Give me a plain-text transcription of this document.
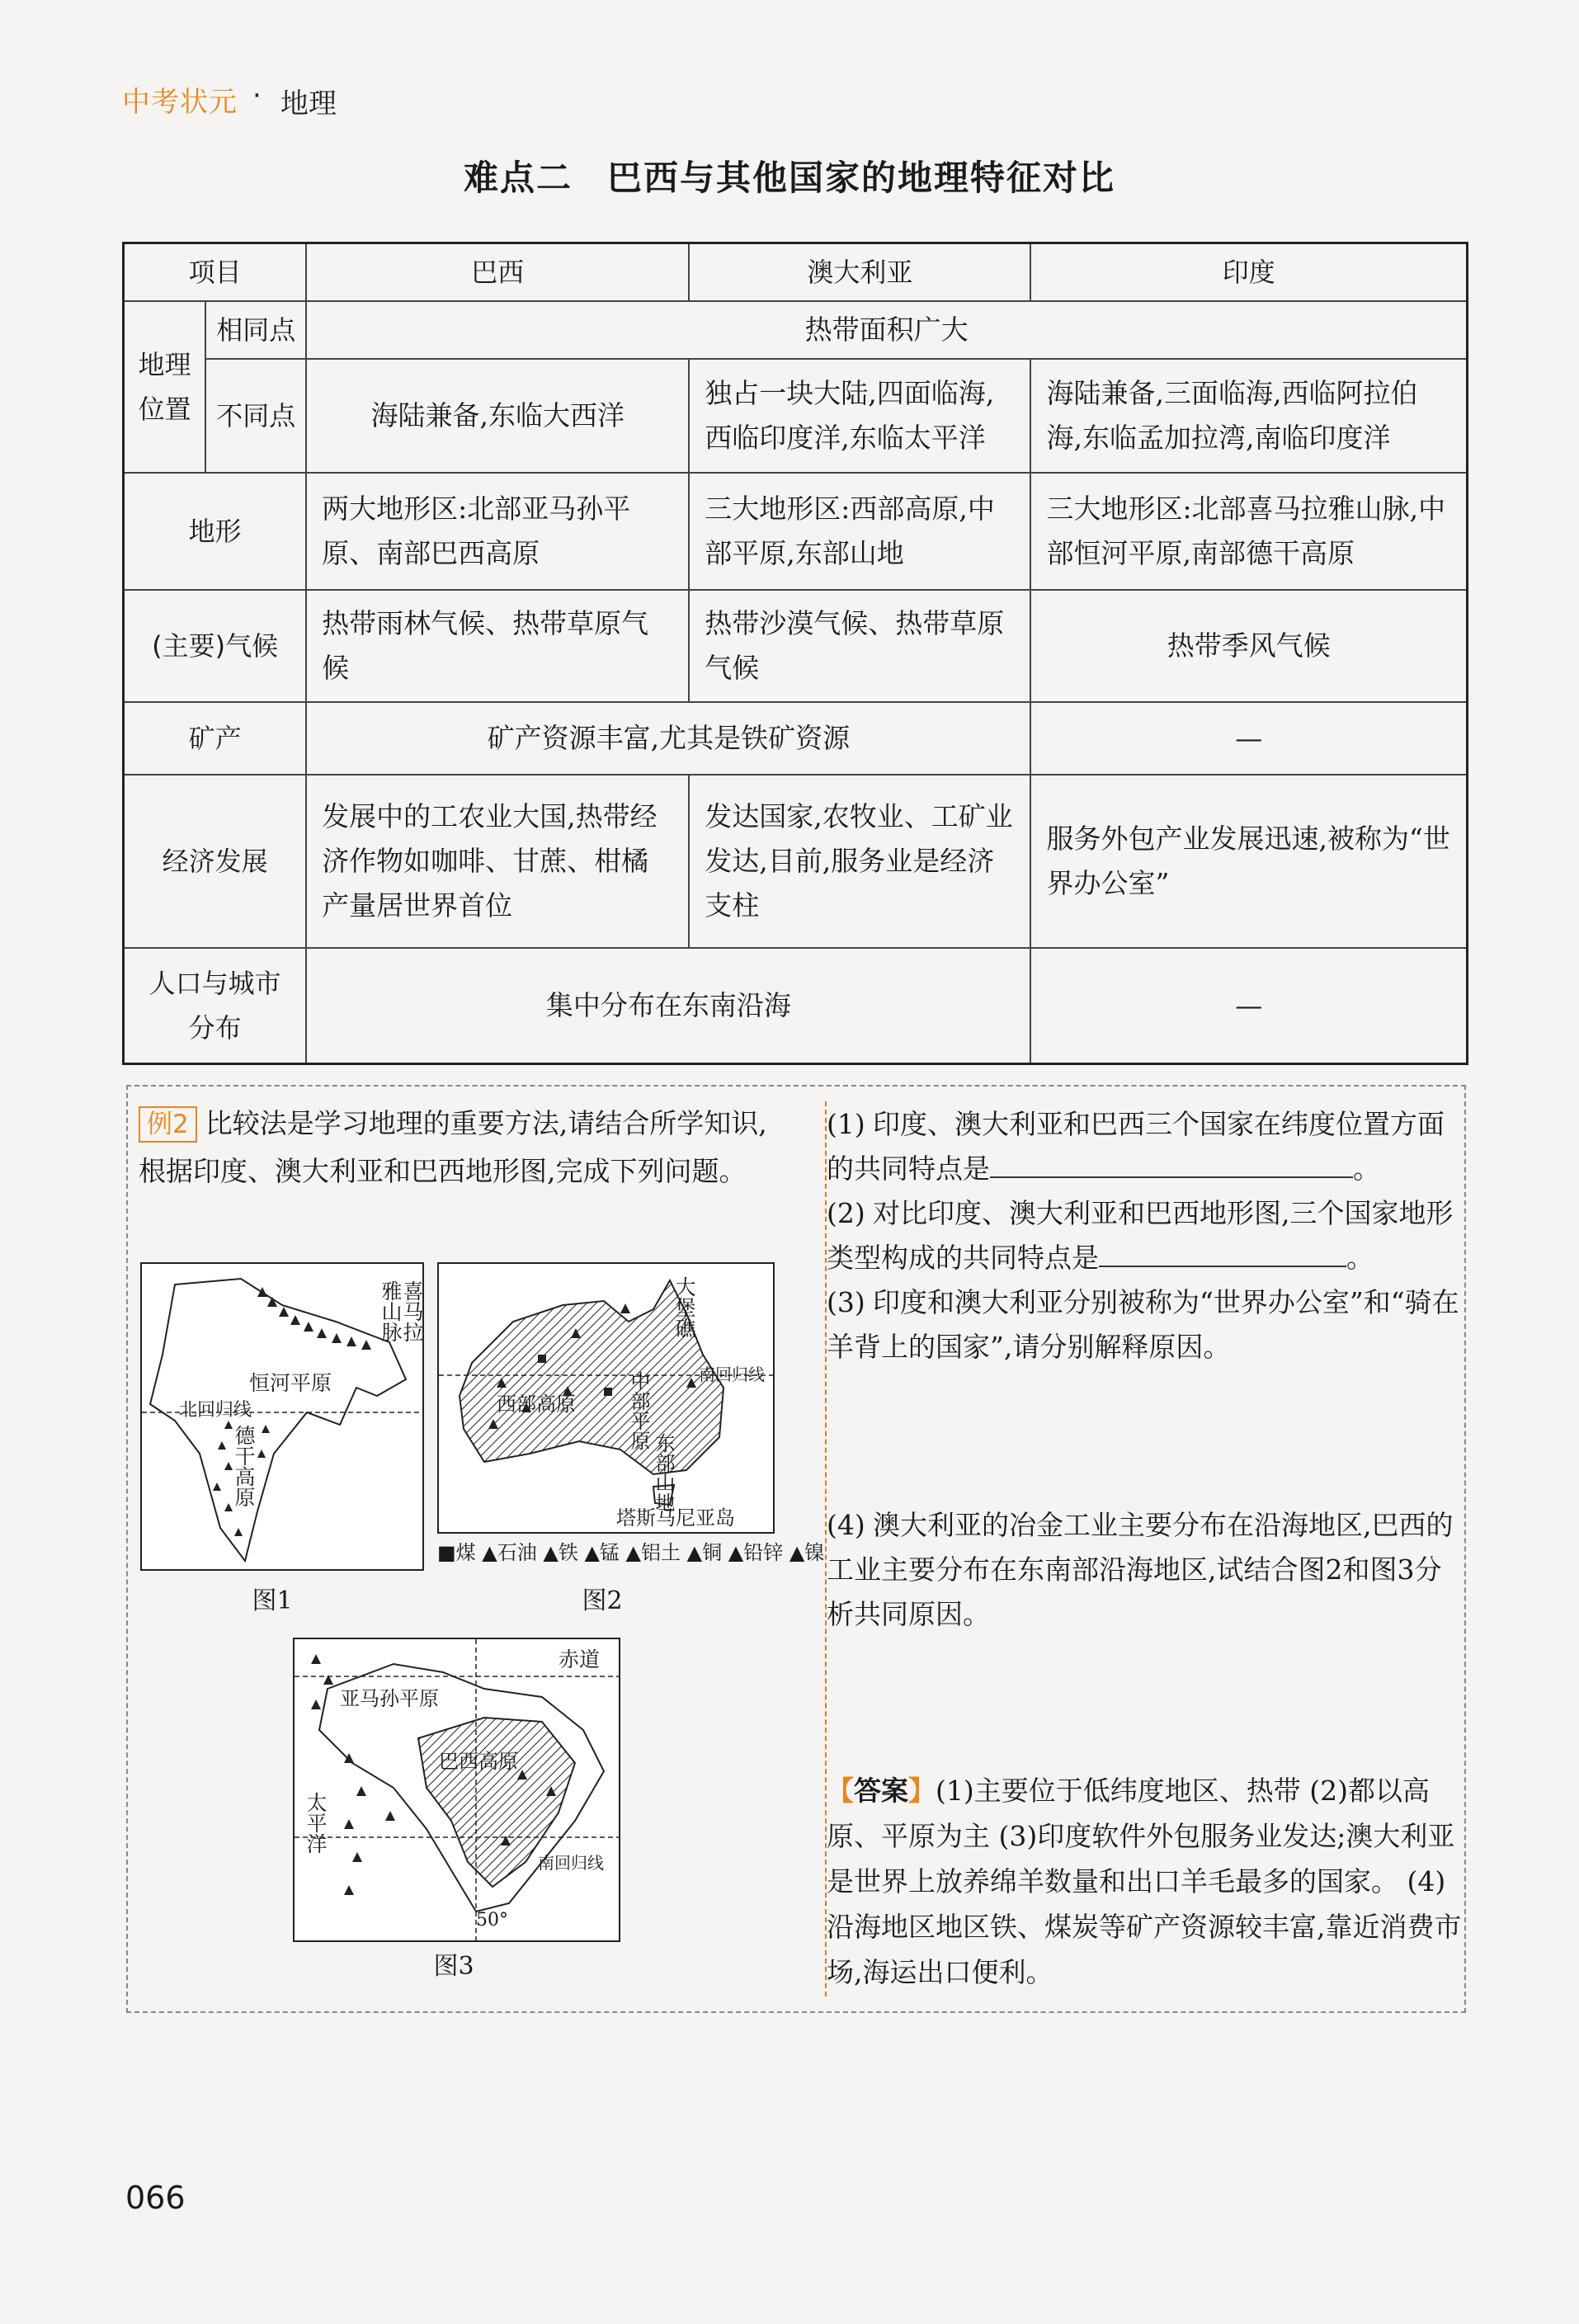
中考状元 · 地理
难点二 巴西与其他国家的地理特征对比
项目		巴西	澳大利亚	印度
地理位置	相同点	热带面积广大		
	不同点	海陆兼备,东临大西洋	独占一块大陆,四面临海,西临印度洋,东临太平洋	海陆兼备,三面临海,西临阿拉伯海,东临孟加拉湾,南临印度洋
地形		两大地形区:北部亚马孙平原、南部巴西高原	三大地形区:西部高原,中部平原,东部山地	三大地形区:北部喜马拉雅山脉,中部恒河平原,南部德干高原
(主要)气候		热带雨林气候、热带草原气候	热带沙漠气候、热带草原气候	热带季风气候
矿产		矿产资源丰富,尤其是铁矿资源		—
经济发展		发展中的工农业大国,热带经济作物如咖啡、甘蔗、柑橘产量居世界首位	发达国家,农牧业、工矿业发达,目前,服务业是经济支柱	服务外包产业发展迅速,被称为“世界办公室”
人口与城市分布		集中分布在东南沿海		—
例2 比较法是学习地理的重要方法,请结合所学知识,根据印度、澳大利亚和巴西地形图,完成下列问题。
喜马拉雅山脉
恒河平原
北回归线
德干高原
图1
大堡礁
西部高原	中部平原
东部山地
南回归线
塔斯马尼亚岛
■煤 ▲石油 ▲铁 ▲锰 ▲铝土 ▲铜 ▲铅锌 ▲镍
图2
赤道
亚马孙平原
巴西高原
太平洋
南回归线
50°
图3
(1) 印度、澳大利亚和巴西三个国家在纬度位置方面的共同特点是	。
(2) 对比印度、澳大利亚和巴西地形图,三个国家地形类型构成的共同特点是	。
(3) 印度和澳大利亚分别被称为“世界办公室”和“骑在羊背上的国家”,请分别解释原因。
(4) 澳大利亚的冶金工业主要分布在沿海地区,巴西的工业主要分布在东南部沿海地区,试结合图2和图3分析共同原因。
【答案】(1)主要位于低纬度地区、热带 (2)都以高原、平原为主 (3)印度软件外包服务业发达;澳大利亚是世界上放养绵羊数量和出口羊毛最多的国家。 (4)沿海地区地区铁、煤炭等矿产资源较丰富,靠近消费市场,海运出口便利。
066
